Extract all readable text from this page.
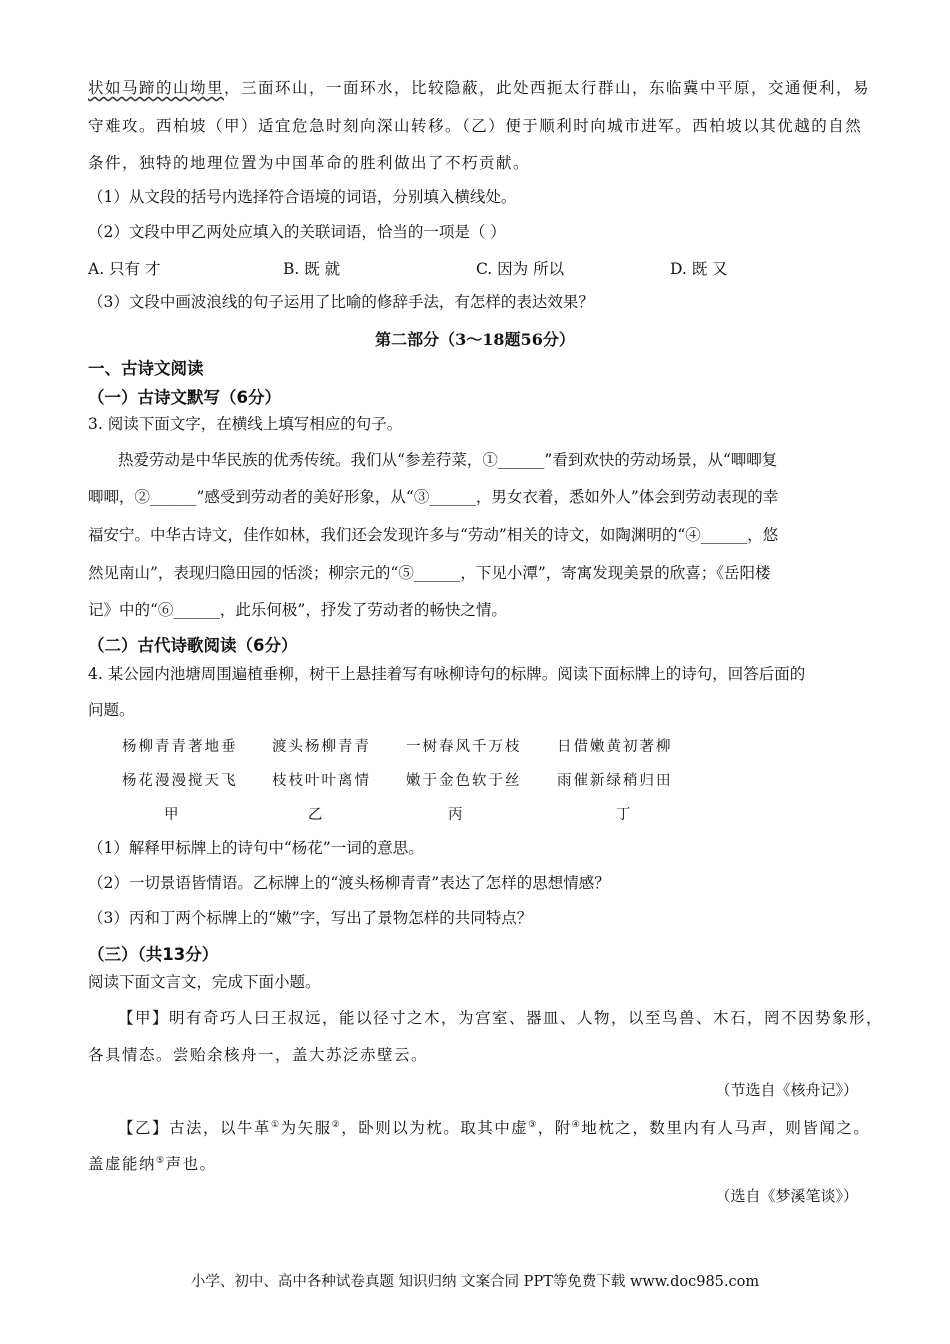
状如马蹄的山坳里，三面环山，一面环水，比较隐蔽，此处西扼太行群山，东临冀中平原，交通便利，易
守难攻。西柏坡（甲）适宜危急时刻向深山转移。（乙）便于顺利时向城市进军。西柏坡以其优越的自然
条件，独特的地理位置为中国革命的胜利做出了不朽贡献。
（1）从文段的括号内选择符合语境的词语，分别填入横线处。
（2）文段中甲乙两处应填入的关联词语，恰当的一项是（ ）
A. 只有 才	B. 既 就	C. 因为 所以	D. 既 又
（3）文段中画波浪线的句子运用了比喻的修辞手法，有怎样的表达效果？
第二部分（3～18题56分）
一、古诗文阅读
（一）古诗文默写（6分）
3. 阅读下面文字，在横线上填写相应的句子。
热爱劳动是中华民族的优秀传统。我们从“参差荇菜，①______”看到欢快的劳动场景，从“唧唧复
唧唧，②______”感受到劳动者的美好形象，从“③______，男女衣着，悉如外人”体会到劳动表现的幸
福安宁。中华古诗文，佳作如林，我们还会发现许多与“劳动”相关的诗文，如陶渊明的“④______，悠
然见南山”，表现归隐田园的恬淡；柳宗元的“⑤______，下见小潭”，寄寓发现美景的欣喜；《岳阳楼
记》中的“⑥______，此乐何极”，抒发了劳动者的畅快之情。
（二）古代诗歌阅读（6分）
4. 某公园内池塘周围遍植垂柳，树干上悬挂着写有咏柳诗句的标牌。阅读下面标牌上的诗句，回答后面的
问题。
杨柳青青著地垂 渡头杨柳青青 一树春风千万枝 日借嫩黄初著柳
杨花漫漫搅天飞 枝枝叶叶离情 嫩于金色软于丝 雨催新绿稍归田
甲	乙	丙	丁
（1）解释甲标牌上的诗句中“杨花”一词的意思。
（2）一切景语皆情语。乙标牌上的“渡头杨柳青青”表达了怎样的思想情感？
（3）丙和丁两个标牌上的“嫩”字，写出了景物怎样的共同特点？
（三）（共13分）
阅读下面文言文，完成下面小题。
【甲】明有奇巧人曰王叔远，能以径寸之木，为宫室、器皿、人物，以至鸟兽、木石，罔不因势象形，
各具情态。尝贻余核舟一，盖大苏泛赤壁云。
（节选自《核舟记》）
【乙】古法，以牛革①为矢服②，卧则以为枕。取其中虚③，附④地枕之，数里内有人马声，则皆闻之。
盖虚能纳⑤声也。
（选自《梦溪笔谈》）
小学、初中、高中各种试卷真题 知识归纳 文案合同 PPT等免费下载 www.doc985.com
